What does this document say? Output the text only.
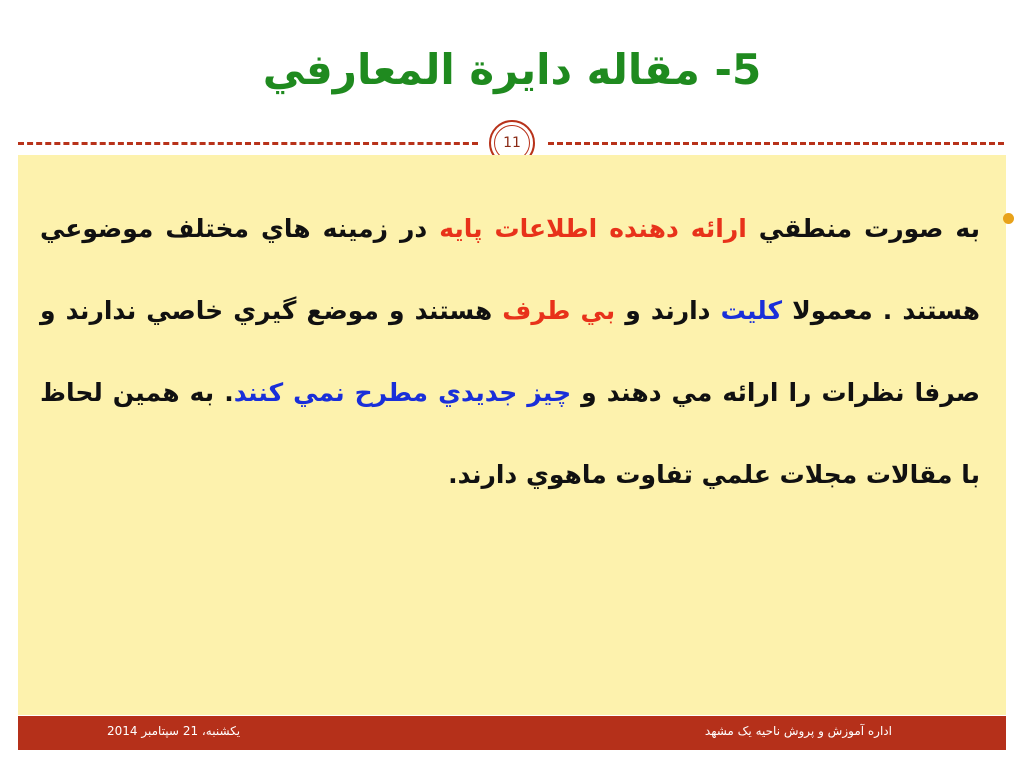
5- مقاله دايرة المعارفي
11
به صورت منطقي ارائه دهنده اطلاعات پايه در زمينه هاي مختلف موضوعي هستند . معمولا کليت دارند و بي طرف هستند و موضع گيري خاصي ندارند و صرفا نظرات را ارائه مي دهند و چيز جديدي مطرح نمي کنند. به همين لحاظ با مقالات مجلات علمي تفاوت ماهوي دارند.
اداره آموزش و پروش ناحيه يک مشهد
يکشنبه، 21 سپتامبر 2014
